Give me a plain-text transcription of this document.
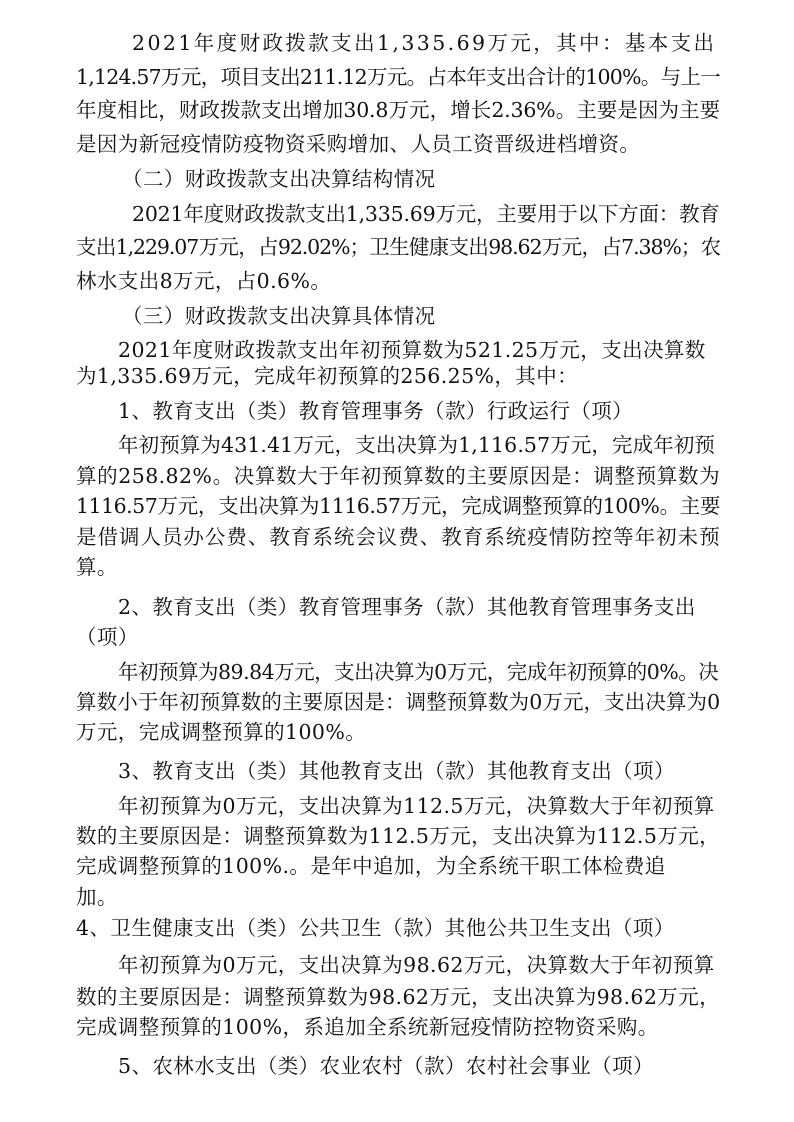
2021年度财政拨款支出1,335.69万元，其中：基本支出
1,124.57万元，项目支出211.12万元。占本年支出合计的100%。与上一
年度相比，财政拨款支出增加30.8万元，增长2.36%。主要是因为主要
是因为新冠疫情防疫物资采购增加、人员工资晋级进档增资。
（二）财政拨款支出决算结构情况
2021年度财政拨款支出1,335.69万元，主要用于以下方面：教育
支出1,229.07万元，占92.02%；卫生健康支出98.62万元，占7.38%；农
林水支出8万元，占0.6%。
（三）财政拨款支出决算具体情况
2021年度财政拨款支出年初预算数为521.25万元，支出决算数
为1,335.69万元，完成年初预算的256.25%，其中：
1、教育支出（类）教育管理事务（款）行政运行（项）
年初预算为431.41万元，支出决算为1,116.57万元，完成年初预
算的258.82%。决算数大于年初预算数的主要原因是：调整预算数为
1116.57万元，支出决算为1116.57万元，完成调整预算的100%。主要
是借调人员办公费、教育系统会议费、教育系统疫情防控等年初未预
算。
2、教育支出（类）教育管理事务（款）其他教育管理事务支出
（项）
年初预算为89.84万元，支出决算为0万元，完成年初预算的0%。决
算数小于年初预算数的主要原因是：调整预算数为0万元，支出决算为0
万元，完成调整预算的100%。
3、教育支出（类）其他教育支出（款）其他教育支出（项）
年初预算为0万元，支出决算为112.5万元，决算数大于年初预算
数的主要原因是：调整预算数为112.5万元，支出决算为112.5万元，
完成调整预算的100%.。是年中追加，为全系统干职工体检费追
加。
4、卫生健康支出（类）公共卫生（款）其他公共卫生支出（项）
年初预算为0万元，支出决算为98.62万元，决算数大于年初预算
数的主要原因是：调整预算数为98.62万元，支出决算为98.62万元，
完成调整预算的100%，系追加全系统新冠疫情防控物资采购。
5、农林水支出（类）农业农村（款）农村社会事业（项）
